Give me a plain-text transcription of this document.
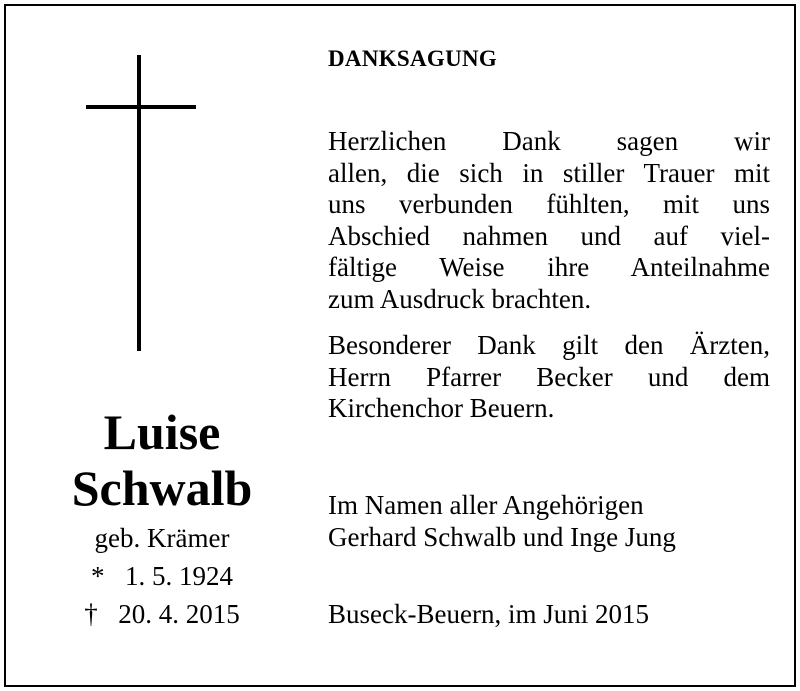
Luise
Schwalb
geb. Krämer
* 1. 5. 1924
† 20. 4. 2015
DANKSAGUNG

Herzlichen Dank sagen wir

allen, die sich in stiller Trauer mit

uns verbunden fühlten, mit uns

Abschied nahmen und auf viel-

fältige Weise ihre Anteilnahme

zum Ausdruck brachten.

Besonderer Dank gilt den Ärzten,

Herrn Pfarrer Becker und dem

Kirchenchor Beuern.

Im Namen aller Angehörigen

Gerhard Schwalb und Inge Jung

Buseck-Beuern, im Juni 2015
